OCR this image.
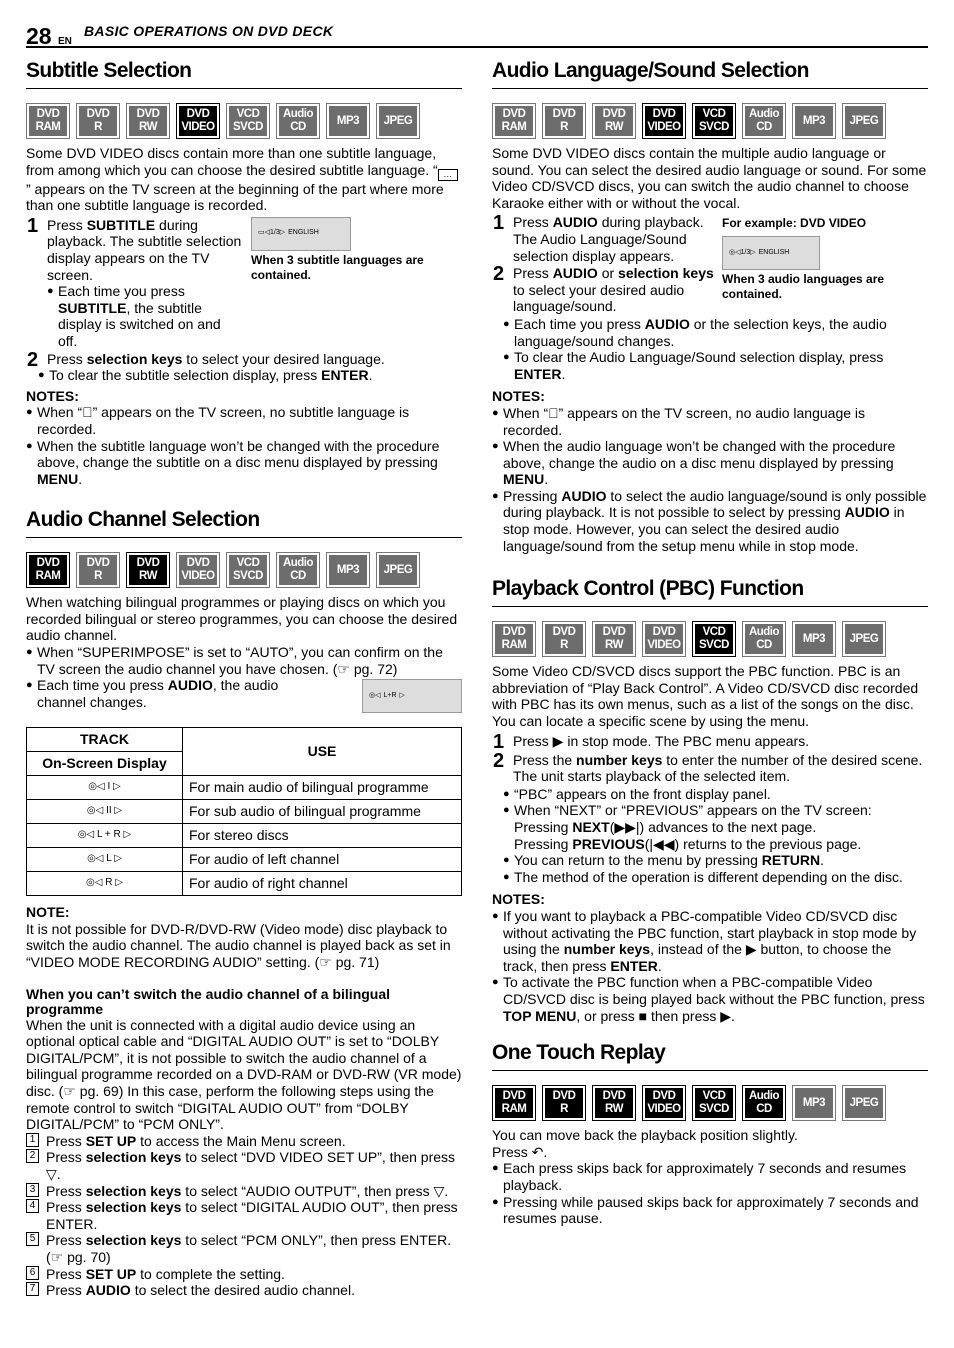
28 EN
BASIC OPERATIONS ON DVD DECK
Subtitle Selection
DVD
RAM
DVD
R
DVD
RW
DVD
VIDEO
VCD
SVCD
Audio
CD
MP3 JPEG

Some DVD VIDEO discs contain more than one subtitle language, from among which you can choose the desired subtitle language. “ …” appears on the TV screen at the beginning of the part where more than one subtitle language is recorded.

1 Press SUBTITLE during playback. The subtitle selection display appears on the TV screen.

● Each time you press SUBTITLE, the subtitle display is switched on and off.
▭◁1/3▷ ENGLISH

When 3 subtitle languages are contained.

2 Press selection keys to select your desired language.

● To clear the subtitle selection display, press ENTER.
NOTES:
● When “⃠” appears on the TV screen, no subtitle language is recorded.
● When the subtitle language won’t be changed with the procedure above, change the subtitle on a disc menu displayed by pressing MENU.
Audio Channel Selection
DVD
RAM
DVD
R
DVD
RW
DVD
VIDEO
VCD
SVCD
Audio
CD
MP3 JPEG

When watching bilingual programmes or playing discs on which you recorded bilingual or stereo programmes, you can choose the desired audio channel.

● When “SUPERIMPOSE” is set to “AUTO”, you can confirm on the TV screen the audio channel you have chosen. (☞ pg. 72)
● Each time you press AUDIO, the audio channel changes.	◎◁ L+R ▷
TRACK	USE
On-Screen Display	
◎◁ I ▷	For main audio of bilingual programme
◎◁ II ▷	For sub audio of bilingual programme
◎◁ L + R ▷	For stereo discs
◎◁ L ▷	For audio of left channel
◎◁ R ▷	For audio of right channel
NOTE:

It is not possible for DVD-R/DVD-RW (Video mode) disc playback to switch the audio channel. The audio channel is played back as set in “VIDEO MODE RECORDING AUDIO” setting. (☞ pg. 71)

When you can’t switch the audio channel of a bilingual programme

When the unit is connected with a digital audio device using an optional optical cable and “DIGITAL AUDIO OUT” is set to “DOLBY DIGITAL/PCM”, it is not possible to switch the audio channel of a bilingual programme recorded on a DVD-RAM or DVD-RW (VR mode) disc. (☞ pg. 69) In this case, perform the following steps using the remote control to switch “DIGITAL AUDIO OUT” from “DOLBY DIGITAL/PCM” to “PCM ONLY”.

1 Press SET UP to access the Main Menu screen.
2 Press selection keys to select “DVD VIDEO SET UP”, then press ▽.
3 Press selection keys to select “AUDIO OUTPUT”, then press ▽.
4 Press selection keys to select “DIGITAL AUDIO OUT”, then press ENTER.
5 Press selection keys to select “PCM ONLY”, then press ENTER. (☞ pg. 70)
6 Press SET UP to complete the setting.
7 Press AUDIO to select the desired audio channel.
Audio Language/Sound Selection
DVD
RAM
DVD
R
DVD
RW
DVD
VIDEO
VCD
SVCD
Audio
CD
MP3 JPEG

Some DVD VIDEO discs contain the multiple audio language or sound. You can select the desired audio language or sound. For some Video CD/SVCD discs, you can switch the audio channel to choose Karaoke either with or without the vocal.

1 Press AUDIO during playback. The Audio Language/Sound selection display appears.

2 Press AUDIO or selection keys to select your desired audio language/sound.

For example: DVD VIDEO

◎◁1/3▷ ENGLISH

When 3 audio languages are contained.

● Each time you press AUDIO or the selection keys, the audio language/sound changes.
● To clear the Audio Language/Sound selection display, press ENTER.
NOTES:
● When “⃠” appears on the TV screen, no audio language is recorded.
● When the audio language won’t be changed with the procedure above, change the audio on a disc menu displayed by pressing MENU.
● Pressing AUDIO to select the audio language/sound is only possible during playback. It is not possible to select by pressing AUDIO in stop mode. However, you can select the desired audio language/sound from the setup menu while in stop mode.
Playback Control (PBC) Function
DVD
RAM
DVD
R
DVD
RW
DVD
VIDEO
VCD
SVCD
Audio
CD
MP3 JPEG

Some Video CD/SVCD discs support the PBC function. PBC is an abbreviation of “Play Back Control”. A Video CD/SVCD disc recorded with PBC has its own menus, such as a list of the songs on the disc. You can locate a specific scene by using the menu.

1 Press ▶ in stop mode. The PBC menu appears.

2 Press the number keys to enter the number of the desired scene. The unit starts playback of the selected item.

● “PBC” appears on the front display panel.
● When “NEXT” or “PREVIOUS” appears on the TV screen:
Pressing NEXT(▶▶|) advances to the next page.
Pressing PREVIOUS(|◀◀) returns to the previous page.
● You can return to the menu by pressing RETURN.
● The method of the operation is different depending on the disc.
NOTES:
● If you want to playback a PBC-compatible Video CD/SVCD disc without activating the PBC function, start playback in stop mode by using the number keys, instead of the ▶ button, to choose the track, then press ENTER.
● To activate the PBC function when a PBC-compatible Video CD/SVCD disc is being played back without the PBC function, press TOP MENU, or press ■ then press ▶.
One Touch Replay
DVD
RAM
DVD
R
DVD
RW
DVD
VIDEO
VCD
SVCD
Audio
CD
MP3 JPEG

You can move back the playback position slightly.

Press ↶.

● Each press skips back for approximately 7 seconds and resumes playback.
● Pressing while paused skips back for approximately 7 seconds and resumes pause.
